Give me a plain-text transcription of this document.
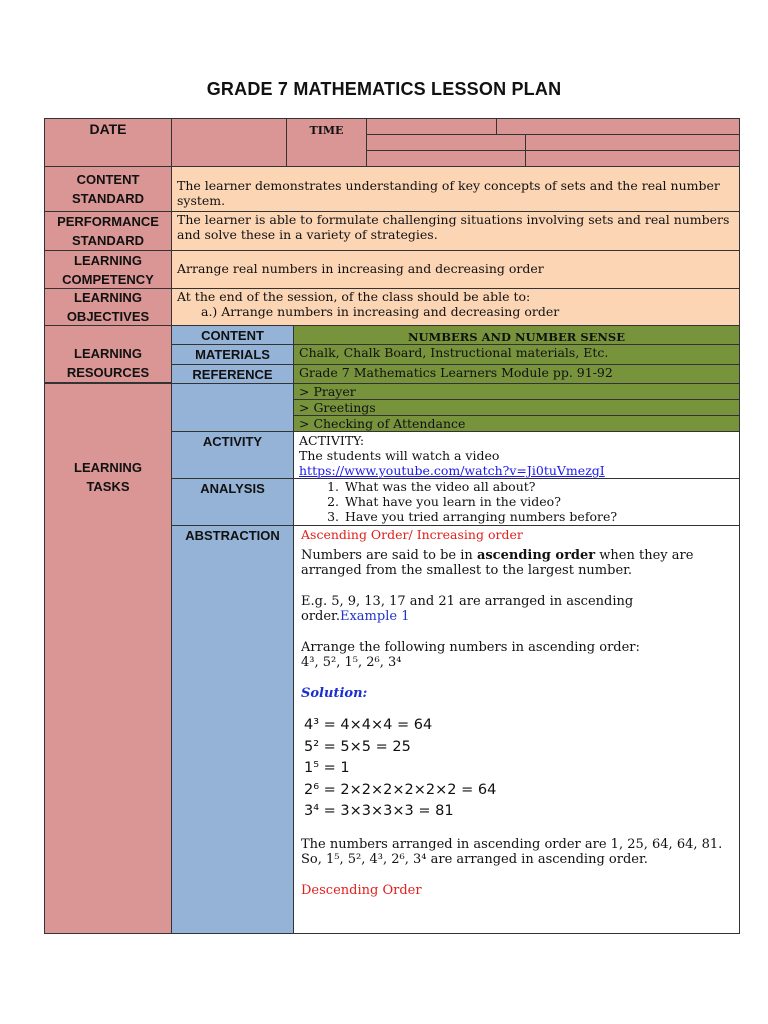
GRADE 7 MATHEMATICS LESSON PLAN
DATE	TIME
CONTENT
STANDARD
The learner demonstrates understanding of key concepts of sets and the real number system.
PERFORMANCE
STANDARD
The learner is able to formulate challenging situations involving sets and real numbers and solve these in a variety of strategies.
LEARNING
COMPETENCY
Arrange real numbers in increasing and decreasing order
LEARNING
OBJECTIVES

At the end of the session, of the class should be able to:

a.) Arrange numbers in increasing and decreasing order

LEARNING
RESOURCES
CONTENT	NUMBERS AND NUMBER SENSE
MATERIALS	Chalk, Chalk Board, Instructional materials, Etc.
REFERENCE	Grade 7 Mathematics Learners Module pp. 91-92
LEARNING
TASKS
> Prayer
> Greetings
> Checking of Attendance
ACTIVITY	ACTIVITY:

The students will watch a video

https://www.youtube.com/watch?v=Ji0tuVmezgI

ANALYSIS
1.	What was the video all about?
2. What have you learn in the video?
3. Have you tried arranging numbers before?
ABSTRACTION Ascending Order/ Increasing order

Numbers are said to be in ascending order when they are arranged from the smallest to the largest number.

E.g. 5, 9, 13, 17 and 21 are arranged in ascending order.Example 1

Arrange the following numbers in ascending order:

4³, 5², 1⁵, 2⁶, 3⁴

Solution:

4³ = 4×4×4 = 64

5² = 5×5 = 25

1⁵ = 1

2⁶ = 2×2×2×2×2×2 = 64

3⁴ = 3×3×3×3 = 81

The numbers arranged in ascending order are 1, 25, 64, 64, 81.

So, 1⁵, 5², 4³, 2⁶, 3⁴ are arranged in ascending order.

Descending Order
